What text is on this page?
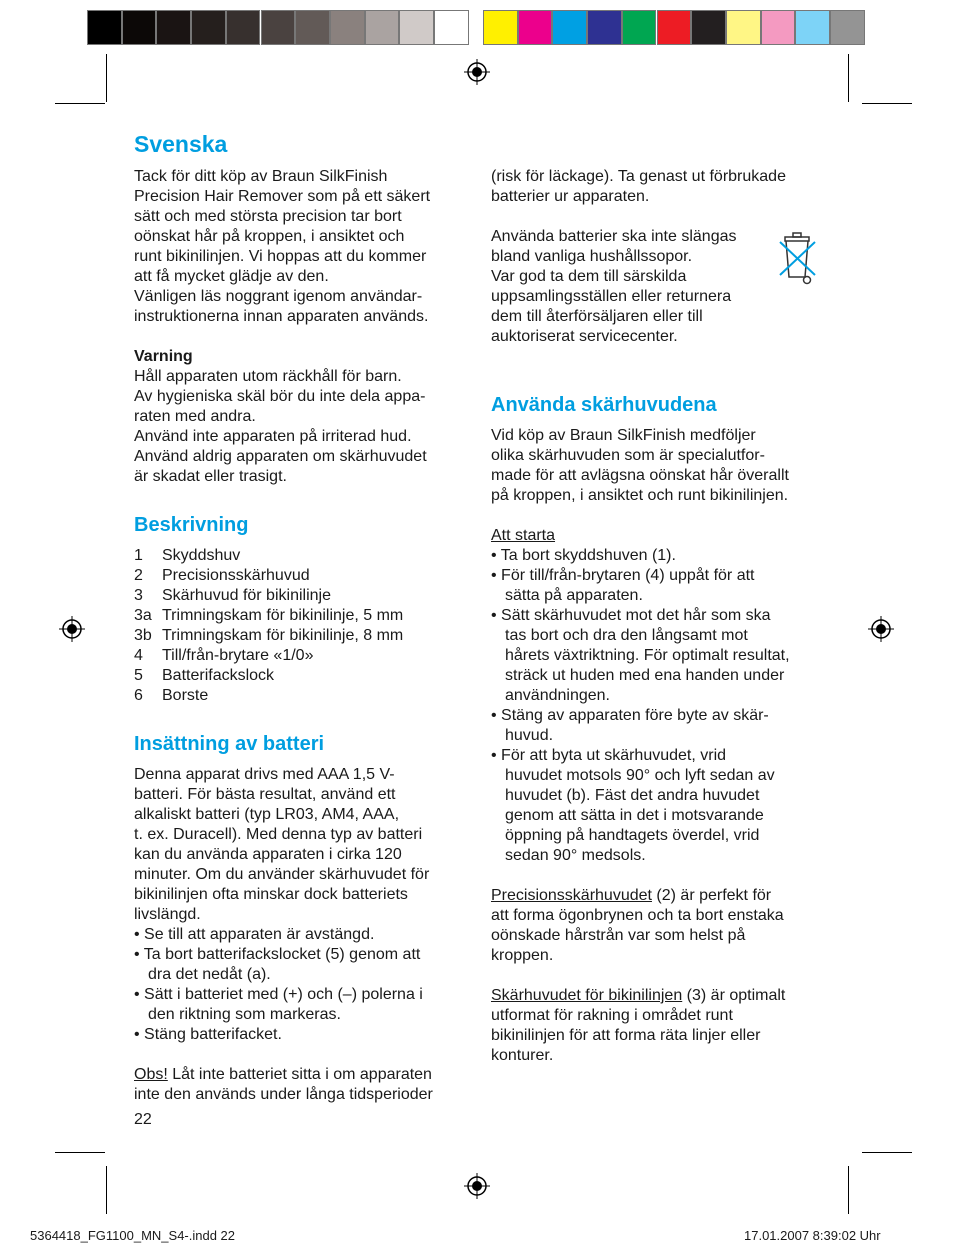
Svenska

Tack för ditt köp av Braun SilkFinish

Precision Hair Remover som på ett säkert

sätt och med största precision tar bort

oönskat hår på kroppen, i ansiktet och

runt bikinilinjen. Vi hoppas att du kommer

att få mycket glädje av den.

Vänligen läs noggrant igenom användar-

instruktionerna innan apparaten används.

Varning

Håll apparaten utom räckhåll för barn.

Av hygieniska skäl bör du inte dela appa-

raten med andra.

Använd inte apparaten på irriterad hud.

Använd aldrig apparaten om skärhuvudet

är skadat eller trasigt.

Beskrivning
1	Skyddshuv
2	Precisionsskärhuvud
3	Skärhuvud för bikinilinje
3a Trimningskam för bikinilinje, 5 mm
3b Trimningskam för bikinilinje, 8 mm
4	Till/från-brytare «1/0»
5	Batterifackslock
6	Borste
Insättning av batteri

Denna apparat drivs med AAA 1,5 V-

batteri. För bästa resultat, använd ett

alkaliskt batteri (typ LR03, AM4, AAA,

t. ex. Duracell). Med denna typ av batteri

kan du använda apparaten i cirka 120

minuter. Om du använder skärhuvudet för

bikinilinjen ofta minskar dock batteriets

livslängd.

• Se till att apparaten är avstängd.

• Ta bort batterifackslocket (5) genom att

dra det nedåt (a).

• Sätt i batteriet med (+) och (–) polerna i

den riktning som markeras.

• Stäng batterifacket.

Obs! Låt inte batteriet sitta i om apparaten

inte den används under långa tidsperioder

22

(risk för läckage). Ta genast ut förbrukade

batterier ur apparaten.

Använda batterier ska inte slängas

bland vanliga hushållssopor.

Var god ta dem till särskilda

uppsamlingsställen eller returnera

dem till återförsäljaren eller till

auktoriserat servicecenter.

Använda skärhuvudena

Vid köp av Braun SilkFinish medföljer

olika skärhuvuden som är specialutfor-

made för att avlägsna oönskat hår överallt

på kroppen, i ansiktet och runt bikinilinjen.

Att starta

• Ta bort skyddshuven (1).

• För till/från-brytaren (4) uppåt för att

sätta på apparaten.

• Sätt skärhuvudet mot det hår som ska

tas bort och dra den långsamt mot

hårets växtriktning. För optimalt resultat,

sträck ut huden med ena handen under

användningen.

• Stäng av apparaten före byte av skär-

huvud.

• För att byta ut skärhuvudet, vrid

huvudet motsols 90° och lyft sedan av

huvudet (b). Fäst det andra huvudet

genom att sätta in det i motsvarande

öppning på handtagets överdel, vrid

sedan 90° medsols.

Precisionsskärhuvudet (2) är perfekt för

att forma ögonbrynen och ta bort enstaka

oönskade hårstrån var som helst på

kroppen.

Skärhuvudet för bikinilinjen (3) är optimalt

utformat för rakning i området runt

bikinilinjen för att forma räta linjer eller

konturer.

5364418_FG1100_MN_S4-.indd 22	17.01.2007 8:39:02 Uhr
